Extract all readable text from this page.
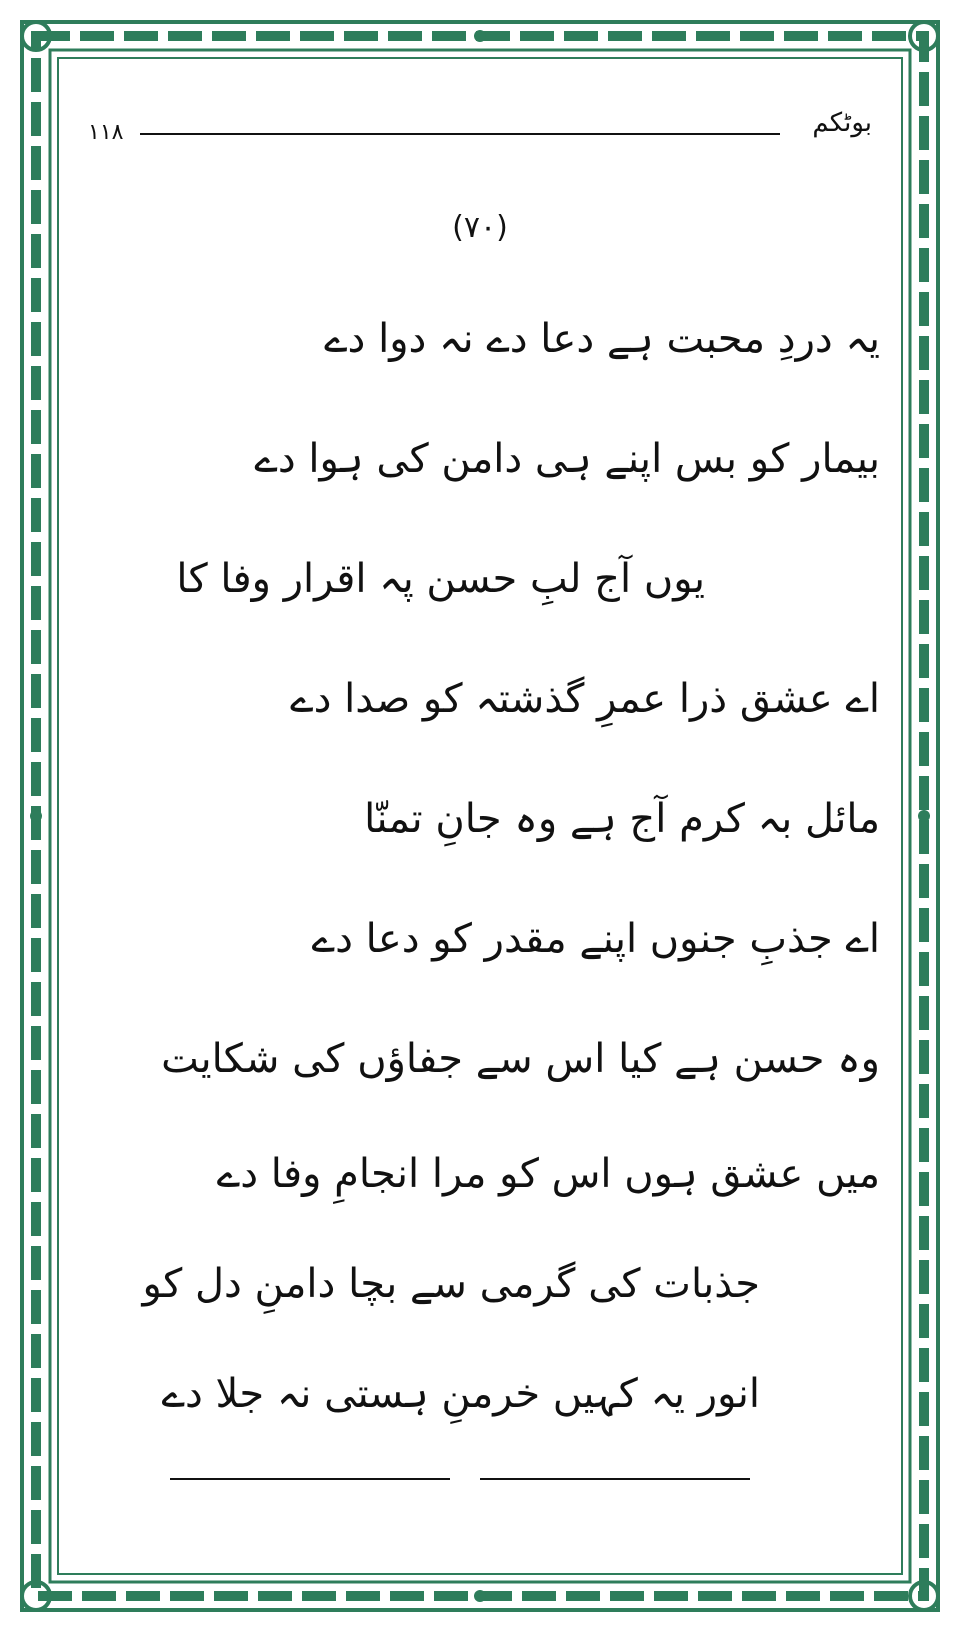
۱۱۸	بوٹکم
(۷۰)
یہ دردِ محبت ہے دعا دے نہ دوا دے
بیمار کو بس اپنے ہی دامن کی ہوا دے
یوں آج لبِ حسن پہ اقرار وفا کا
اے عشق ذرا عمرِ گذشتہ کو صدا دے
مائل بہ کرم آج ہے وہ جانِ تمنّا
اے جذبِ جنوں اپنے مقدر کو دعا دے
وہ حسن ہے کیا اس سے جفاؤں کی شکایت
میں عشق ہوں اس کو مرا انجامِ وفا دے
جذبات کی گرمی سے بچا دامنِ دل کو
انور یہ کہیں خرمنِ ہستی نہ جلا دے
